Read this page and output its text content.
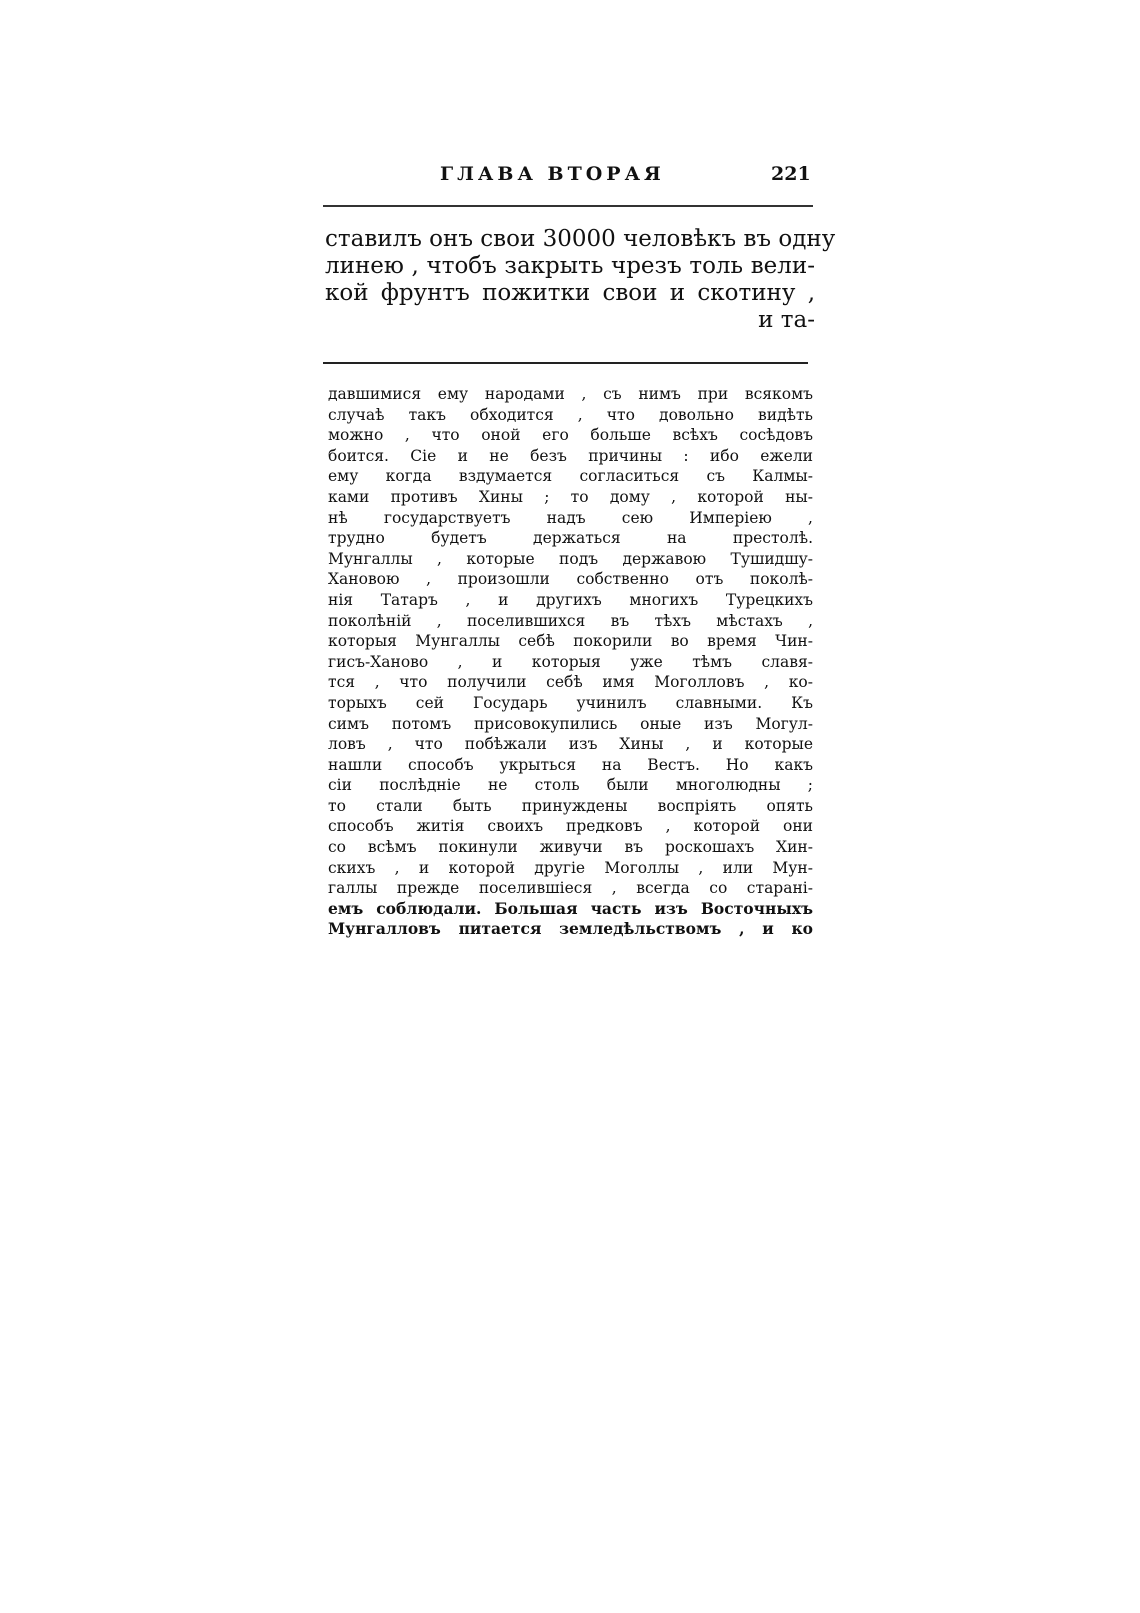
ГЛАВА ВТОРАЯ	221
ставилъ онъ свои 30000 человѣкъ въ одну
линею , чтобъ закрыть чрезъ толь вели-
кой фрунтъ пожитки свои и скотину ,
и та-
давшимися ему народами , съ нимъ при всякомъ
случаѣ такъ обходится , что довольно видѣть
можно , что оной его больше всѣхъ сосѣдовъ
боится. Сіе и не безъ причины : ибо ежели
ему когда вздумается согласиться съ Калмы-
ками противъ Хины ; то дому , которой ны-
нѣ государствуетъ надъ сею Имперіею ,
трудно будетъ держаться на престолѣ.
Мунгаллы , которые подъ державою Тушидшу-
Хановою , произошли собственно отъ поколѣ-
нія Татаръ , и другихъ многихъ Турецкихъ
поколѣній , поселившихся въ тѣхъ мѣстахъ ,
которыя Мунгаллы себѣ покорили во время Чин-
гисъ-Ханово , и которыя уже тѣмъ славя-
тся , что получили себѣ имя Моголловъ , ко-
торыхъ сей Государь учинилъ славными. Къ
симъ потомъ присовокупились оные изъ Могул-
ловъ , что побѣжали изъ Хины , и которые
нашли способъ укрыться на Вестъ. Но какъ
сіи послѣдніе не столь были многолюдны ;
то стали быть принуждены воспріять опять
способъ житія своихъ предковъ , которой они
со всѣмъ покинули живучи въ роскошахъ Хин-
скихъ , и которой другіе Моголлы , или Мун-
галлы прежде поселившіеся , всегда со старані-
емъ соблюдали. Большая часть изъ Восточныхъ
Мунгалловъ питается земледѣльствомъ , и ко
